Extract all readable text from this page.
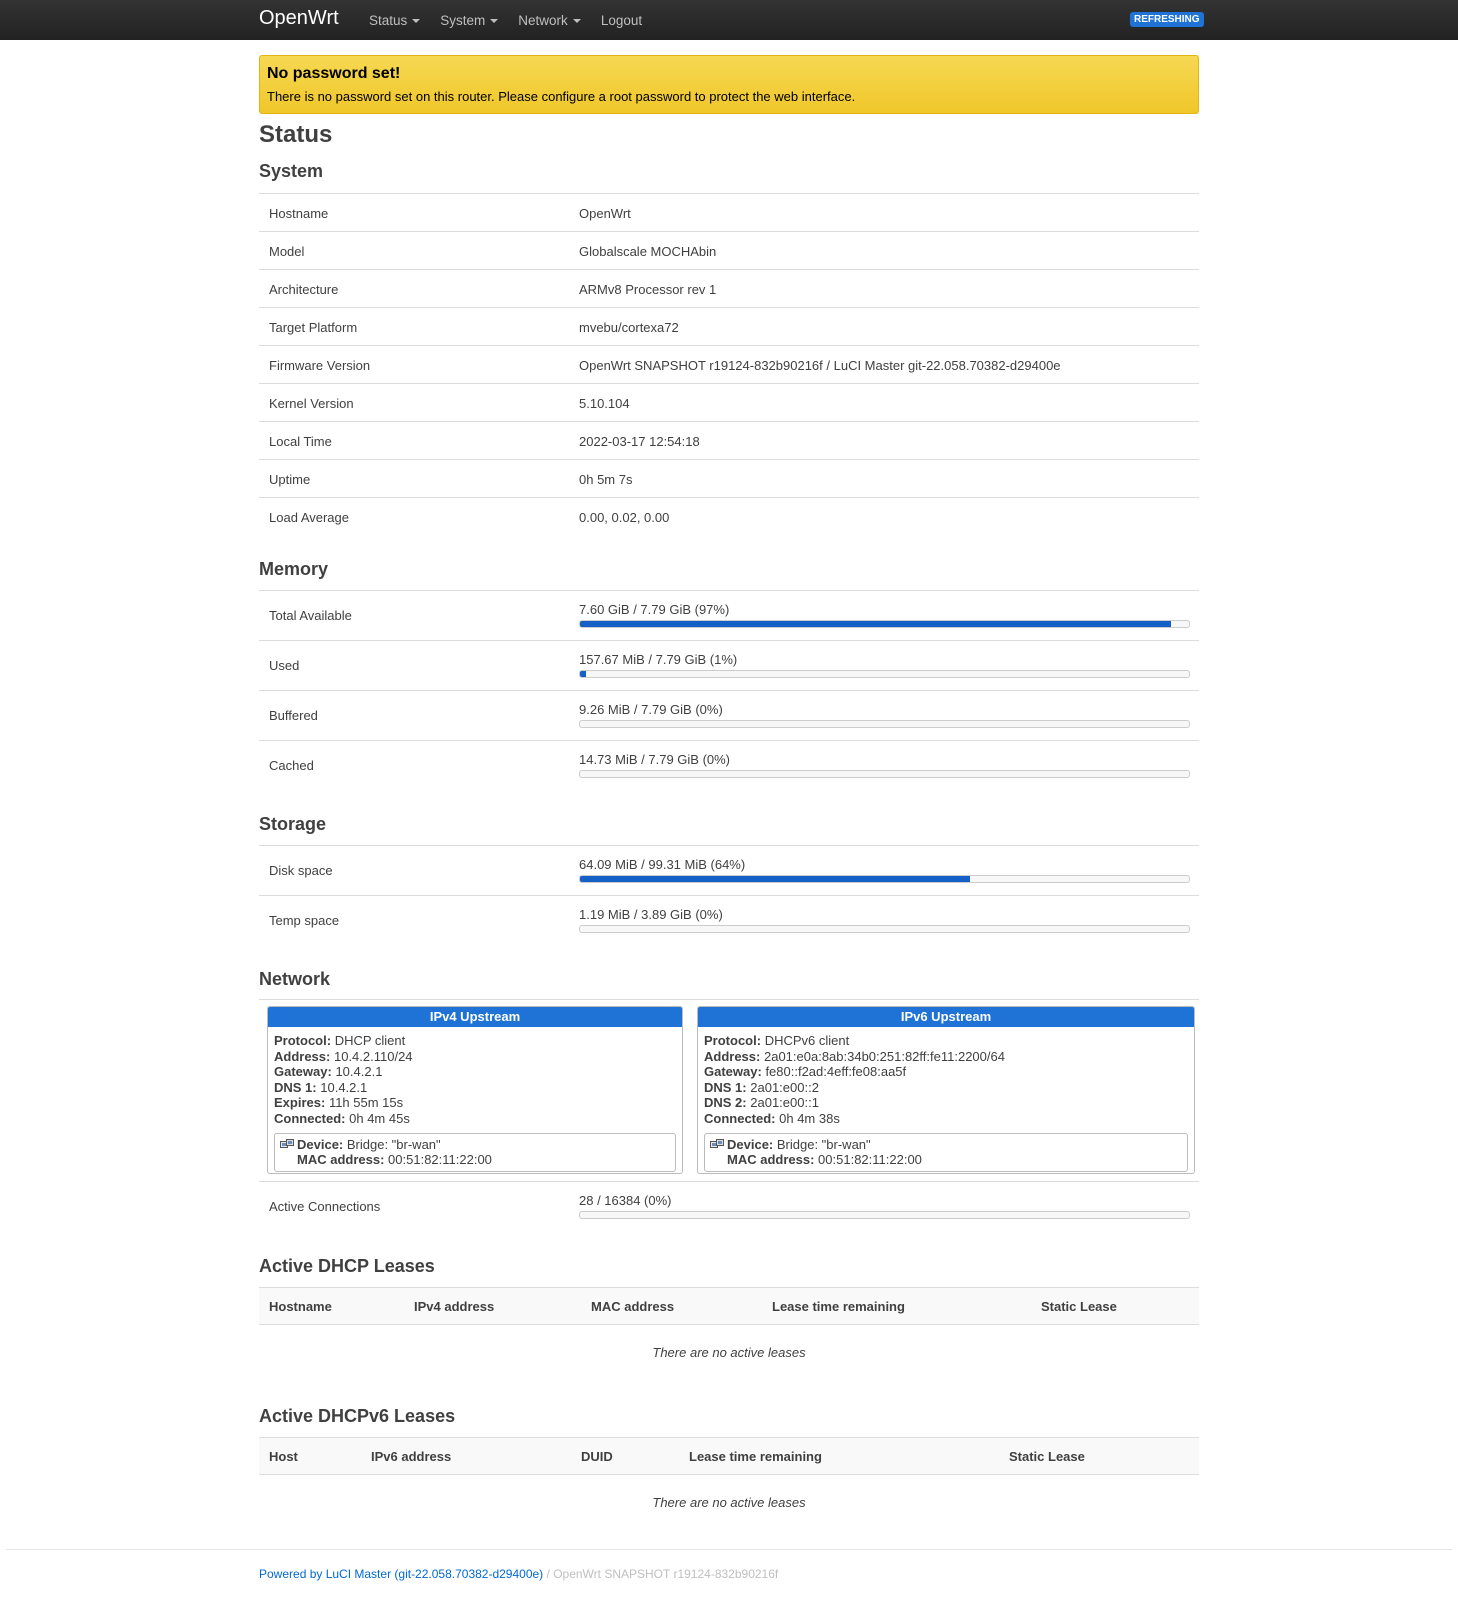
OpenWrt Status System Network Logout	REFRESHING
No password set!
There is no password set on this router. Please configure a root password to protect the web interface.
Status
System
Hostname	OpenWrt
Model	Globalscale MOCHAbin
Architecture	ARMv8 Processor rev 1
Target Platform	mvebu/cortexa72
Firmware Version	OpenWrt SNAPSHOT r19124-832b90216f / LuCI Master git-22.058.70382-d29400e
Kernel Version	5.10.104
Local Time	2022-03-17 12:54:18
Uptime	0h 5m 7s
Load Average	0.00, 0.02, 0.00
Memory
Total Available	7.60 GiB / 7.79 GiB (97%)
Used	157.67 MiB / 7.79 GiB (1%)
Buffered	9.26 MiB / 7.79 GiB (0%)
Cached	14.73 MiB / 7.79 GiB (0%)
Storage
Disk space	64.09 MiB / 99.31 MiB (64%)
Temp space	1.19 MiB / 3.89 GiB (0%)
Network
IPv4 Upstream
Protocol: DHCP client
Address: 10.4.2.110/24
Gateway: 10.4.2.1
DNS 1: 10.4.2.1
Expires: 11h 55m 15s
Connected: 0h 4m 45s
Device: Bridge: "br-wan"
MAC address: 00:51:82:11:22:00
IPv6 Upstream
Protocol: DHCPv6 client
Address: 2a01:e0a:8ab:34b0:251:82ff:fe11:2200/64
Gateway: fe80::f2ad:4eff:fe08:aa5f
DNS 1: 2a01:e00::2
DNS 2: 2a01:e00::1
Connected: 0h 4m 38s
Device: Bridge: "br-wan"
MAC address: 00:51:82:11:22:00
Active Connections	28 / 16384 (0%)
Active DHCP Leases
Hostname	IPv4 address	MAC address	Lease time remaining	Static Lease
There are no active leases
Active DHCPv6 Leases
Host	IPv6 address	DUID	Lease time remaining	Static Lease
There are no active leases
Powered by LuCI Master (git-22.058.70382-d29400e) / OpenWrt SNAPSHOT r19124-832b90216f
